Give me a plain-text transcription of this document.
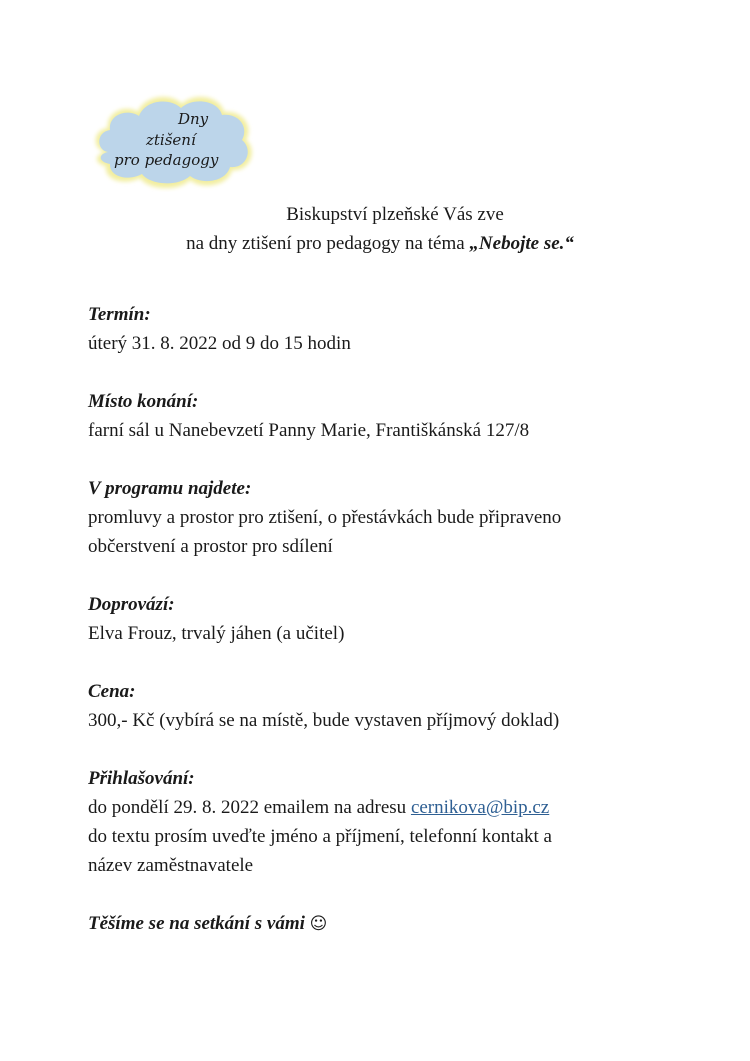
Dny
ztišení
pro pedagogy
Biskupství plzeňské Vás zve
na dny ztišení pro pedagogy na téma „Nebojte se.“
Termín:
úterý 31. 8. 2022 od 9 do 15 hodin
Místo konání:
farní sál u Nanebevzetí Panny Marie, Františkánská 127/8
V programu najdete:
promluvy a prostor pro ztišení, o přestávkách bude připraveno
občerstvení a prostor pro sdílení
Doprovází:
Elva Frouz, trvalý jáhen (a učitel)
Cena:
300,- Kč (vybírá se na místě, bude vystaven příjmový doklad)
Přihlašování:
do pondělí 29. 8. 2022 emailem na adresu cernikova@bip.cz
do textu prosím uveďte jméno a příjmení, telefonní kontakt a
název zaměstnavatele
Těšíme se na setkání s vámi ☺
